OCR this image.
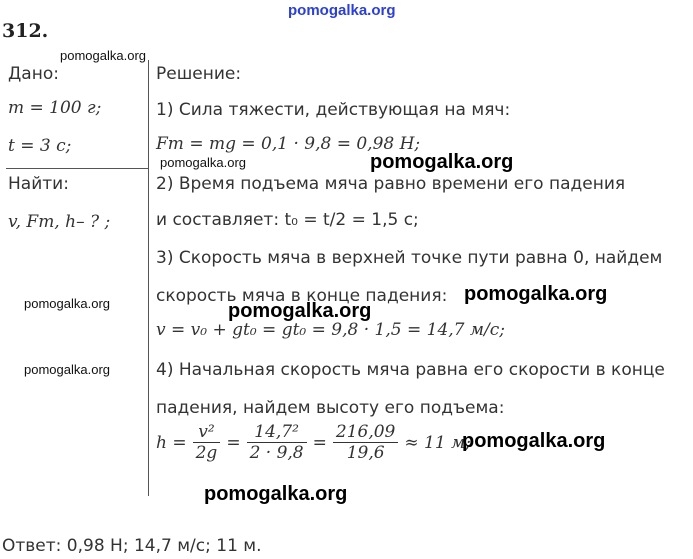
pomogalka.org
312.
pomogalka.org
Дано:
m = 100 г;
t = 3 с;
Найти:
v, Fт, h– ? ;
pomogalka.org
pomogalka.org
Решение:
1) Сила тяжести, действующая на мяч:
Fт = mg = 0,1 · 9,8 = 0,98 Н;
pomogalka.org	pomogalka.org
2) Время подъема мяча равно времени его падения
и составляет: t₀ = t/2 = 1,5 с;
3) Скорость мяча в верхней точке пути равна 0, найдем
скорость мяча в конце падения: pomogalka.org
pomogalka.org
v = v₀ + gt₀ = gt₀ = 9,8 · 1,5 = 14,7 м/с;
4) Начальная скорость мяча равна его скорости в конце
падения, найдем высоту его подъема:
$h = \frac{\text{v²}}{2g} = \frac{\text{14,7²}}{2 \cdot 9,8} = \frac{216,09}{19,6} \approx 11$ м;
pomogalka.org
pomogalka.org
Ответ: 0,98 Н; 14,7 м/с; 11 м.
